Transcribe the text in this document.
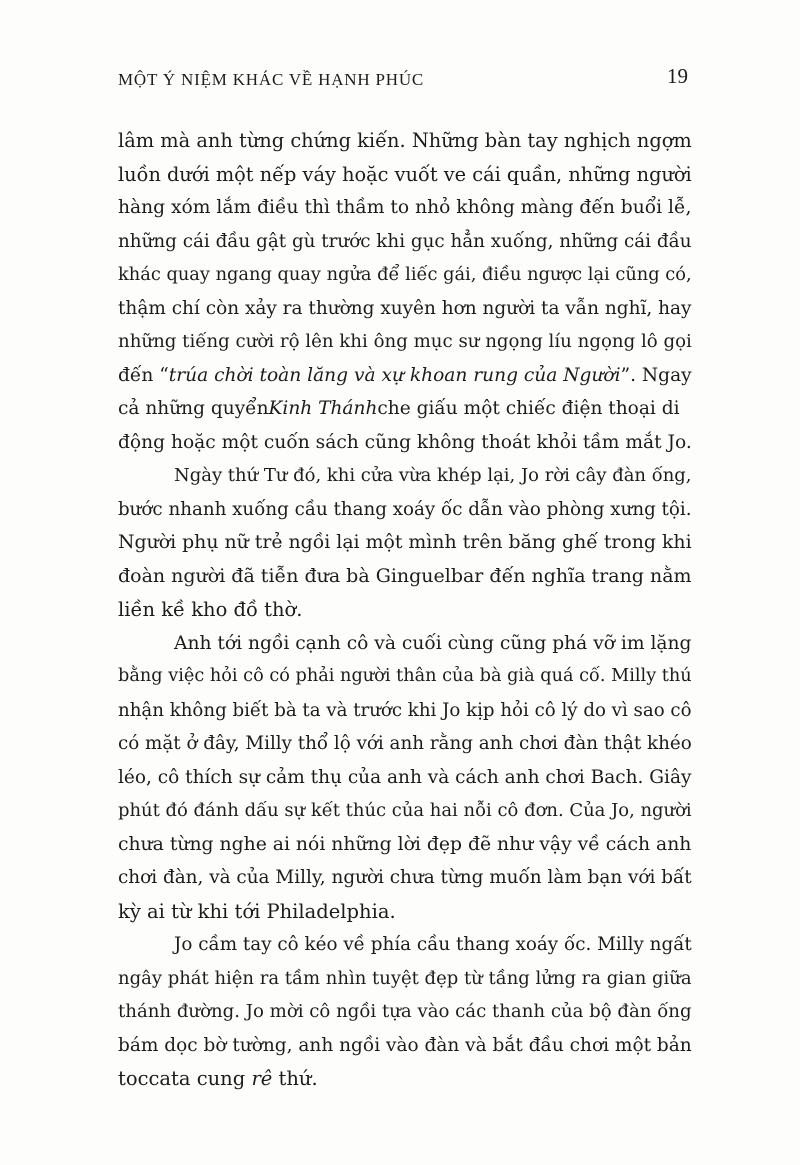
MỘT Ý NIỆM KHÁC VỀ HẠNH PHÚC	19
lâm mà anh từng chứng kiến. Những bàn tay nghịch ngợm
luồn dưới một nếp váy hoặc vuốt ve cái quần, những người
hàng xóm lắm điều thì thầm to nhỏ không màng đến buổi lễ,
những cái đầu gật gù trước khi gục hẳn xuống, những cái đầu
khác quay ngang quay ngửa để liếc gái, điều ngược lại cũng có,
thậm chí còn xảy ra thường xuyên hơn người ta vẫn nghĩ, hay
những tiếng cười rộ lên khi ông mục sư ngọng líu ngọng lô gọi
đến “trúa chời toàn lăng và xự khoan rung của Người”. Ngay
cả những quyểnKinh Thánhche giấu một chiếc điện thoại di
động hoặc một cuốn sách cũng không thoát khỏi tầm mắt Jo.
Ngày thứ Tư đó, khi cửa vừa khép lại, Jo rời cây đàn ống,
bước nhanh xuống cầu thang xoáy ốc dẫn vào phòng xưng tội.
Người phụ nữ trẻ ngồi lại một mình trên băng ghế trong khi
đoàn người đã tiễn đưa bà Ginguelbar đến nghĩa trang nằm
liền kề kho đồ thờ.
Anh tới ngồi cạnh cô và cuối cùng cũng phá vỡ im lặng
bằng việc hỏi cô có phải người thân của bà già quá cố. Milly thú
nhận không biết bà ta và trước khi Jo kịp hỏi cô lý do vì sao cô
có mặt ở đây, Milly thổ lộ với anh rằng anh chơi đàn thật khéo
léo, cô thích sự cảm thụ của anh và cách anh chơi Bach. Giây
phút đó đánh dấu sự kết thúc của hai nỗi cô đơn. Của Jo, người
chưa từng nghe ai nói những lời đẹp đẽ như vậy về cách anh
chơi đàn, và của Milly, người chưa từng muốn làm bạn với bất
kỳ ai từ khi tới Philadelphia.
Jo cầm tay cô kéo về phía cầu thang xoáy ốc. Milly ngất
ngây phát hiện ra tầm nhìn tuyệt đẹp từ tầng lửng ra gian giữa
thánh đường. Jo mời cô ngồi tựa vào các thanh của bộ đàn ống
bám dọc bờ tường, anh ngồi vào đàn và bắt đầu chơi một bản
toccata cung rê thứ.
